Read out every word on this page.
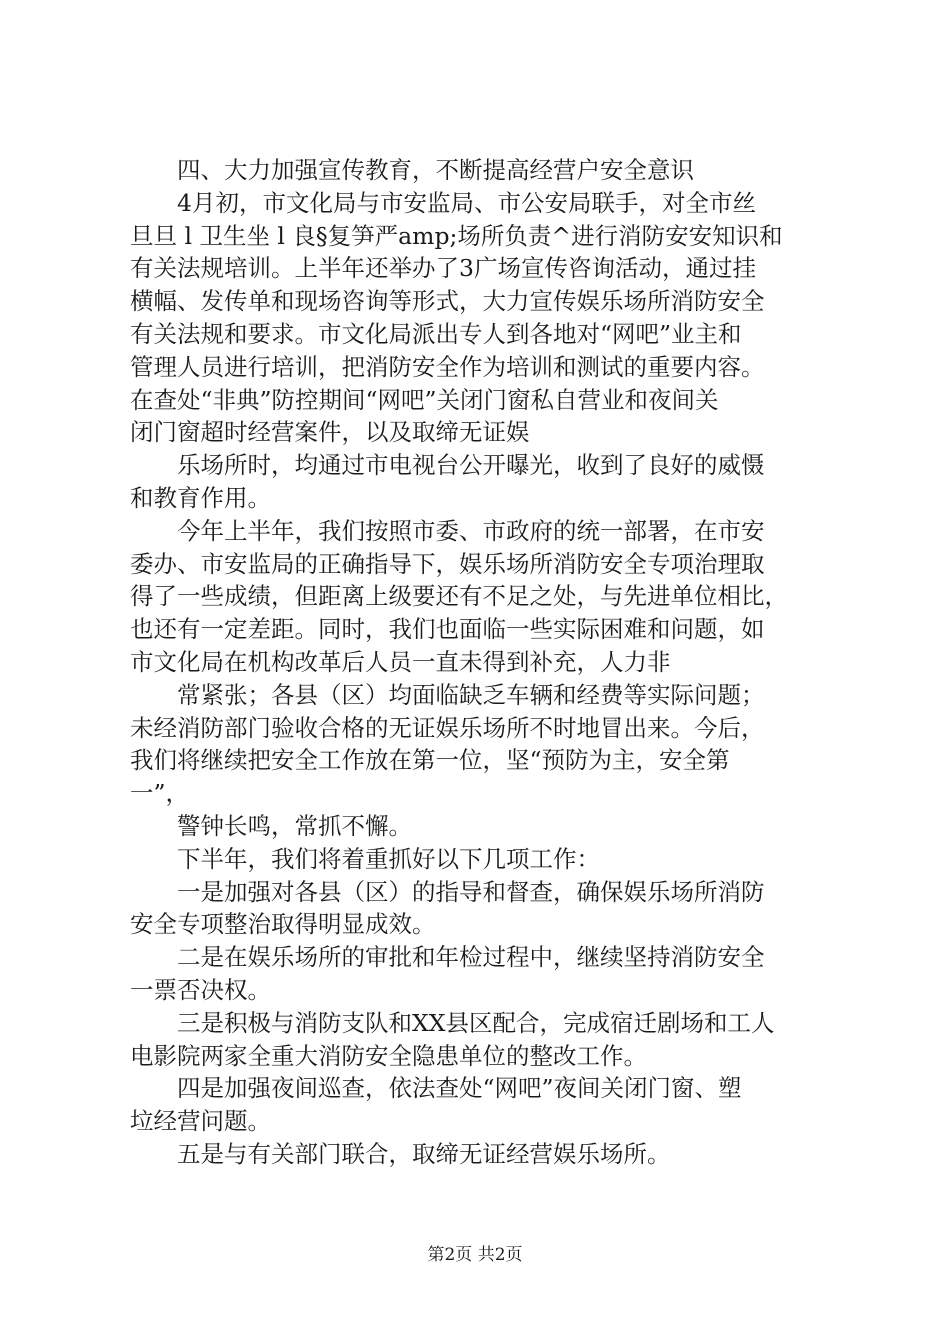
四、大力加强宣传教育，不断提高经营户安全意识
4月初，市文化局与市安监局、市公安局联手，对全市丝
旦旦 l 卫生坐 l 良§复笋严amp;场所负责^进行消防安安知识和
有关法规培训。上半年还举办了3广场宣传咨询活动，通过挂
横幅、发传单和现场咨询等形式，大力宣传娱乐场所消防安全
有关法规和要求。市文化局派出专人到各地对“网吧”业主和
管理人员进行培训，把消防安全作为培训和测试的重要内容。
在查处“非典”防控期间“网吧”关闭门窗私自营业和夜间关
闭门窗超时经营案件，以及取缔无证娱
乐场所时，均通过市电视台公开曝光，收到了良好的威慑
和教育作用。
今年上半年，我们按照市委、市政府的统一部署，在市安
委办、市安监局的正确指导下，娱乐场所消防安全专项治理取
得了一些成绩，但距离上级要还有不足之处，与先进单位相比，
也还有一定差距。同时，我们也面临一些实际困难和问题，如
市文化局在机构改革后人员一直未得到补充，人力非
常紧张；各县（区）均面临缺乏车辆和经费等实际问题；
未经消防部门验收合格的无证娱乐场所不时地冒出来。今后，
我们将继续把安全工作放在第一位，坚“预防为主，安全第
一”，
警钟长鸣，常抓不懈。
下半年，我们将着重抓好以下几项工作：
一是加强对各县（区）的指导和督查，确保娱乐场所消防
安全专项整治取得明显成效。
二是在娱乐场所的审批和年检过程中，继续坚持消防安全
一票否决权。
三是积极与消防支队和XX县区配合，完成宿迁剧场和工人
电影院两家全重大消防安全隐患单位的整改工作。
四是加强夜间巡查，依法查处“网吧”夜间关闭门窗、塑
垃经营问题。
五是与有关部门联合，取缔无证经营娱乐场所。
第2页 共2页
